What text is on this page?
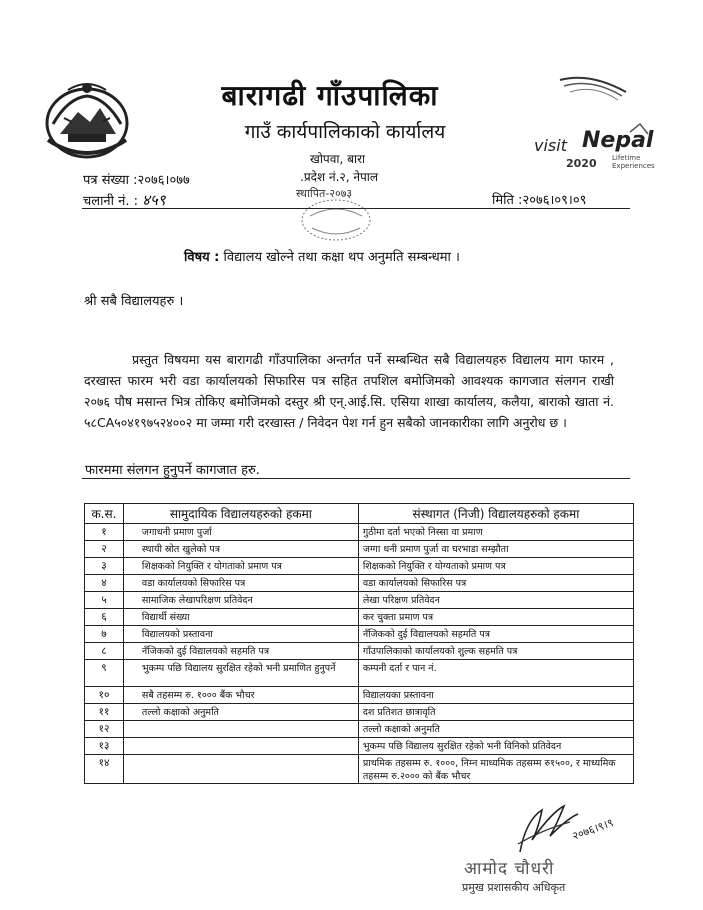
बारागढी गाँउपालिका
गाउँ कार्यपालिकाको कार्यालय
खोपवा, बारा
.प्रदेश नं.२, नेपाल
स्थापित-२०७३
visit Nepal
2020 Lifetime
Experiences
पत्र संख्या :२०७६।०७७
चलानी नं. : ४५९	मिति :२०७६।०९।०९
विषय : विद्यालय खोल्ने तथा कक्षा थप अनुमति सम्बन्धमा ।
श्री सबै विद्यालयहरु ।
प्रस्तुत विषयमा यस बारागढी गाँउपालिका अन्तर्गत पर्ने सम्बन्धित सबै विद्यालयहरु विद्यालय माग फारम , दरखास्त फारम भरी वडा कार्यालयको सिफारिस पत्र सहित तपशिल बमोजिमको आवश्यक कागजात संलगन राखी २०७६ पौष मसान्त भित्र तोकिए बमोजिमको दस्तुर श्री एन्.आई.सि. एसिया शाखा कार्यालय, कलैया, बाराको खाता नं. ५८CA५०४१९७५२४००२ मा जम्मा गरी दरखास्त / निवेदन पेश गर्न हुन सबैको जानकारीका लागि अनुरोध छ ।
फारममा संलगन हुनुपर्ने कागजात हरु.
क.स.	सामुदायिक विद्यालयहरुको हकमा	संस्थागत (निजी) विद्यालयहरुको हकमा
१	जगाधनी प्रमाण पुर्जा	गुठीमा दर्ता भएको निस्सा वा प्रमाण
२	स्थायी स्रोत खुलेको पत्र	जग्गा धनी प्रमाण पुर्जा वा घरभाडा सम्झौता
३	शिक्षकको नियुक्ति र योगताको प्रमाण पत्र	शिक्षकको नियुक्ति र योग्यताको प्रमाण पत्र
४	वडा कार्यालयको सिफारिस पत्र	वडा कार्यालयको सिफारिस पत्र
५	सामाजिक लेखापरिक्षण प्रतिवेदन	लेखा परिक्षण प्रतिवेदन
६	विद्यार्थी संख्या	कर चुक्ता प्रमाण पत्र
७	विद्यालयको प्रस्तावना	नँजिकको दुई विद्यालयको सहमति पत्र
८	नँजिकको दुई विद्यालयको सहमति पत्र	गाँउपालिकाको कार्यालयको शुल्क सहमति पत्र
९	भुकम्प पछि विद्यालय सुरक्षित रहेको भनी प्रमाणित हुनुपर्ने	कम्पनी दर्ता र पान नं.
१०	सबै तहसम्म रु. १००० बैंक भौचर	विद्यालयका प्रस्तावना
११	तल्लो कक्षाको अनुमति	दश प्रतिशत छात्रावृति
१२		तल्लो कक्षाको अनुमति
१३		भुकम्प पछि विद्यालय सुरक्षित रहेको भनी विनिको प्रतिवेदन
१४		प्राथमिक तहसम्म रु. १०००, निम्न माध्यमिक तहसम्म रु१५००, र माध्यमिक तहसम्म रु.२००० को बैंक भौचर
२०७६।९।९
आमोद चौधरी
प्रमुख प्रशासकीय अधिकृत
